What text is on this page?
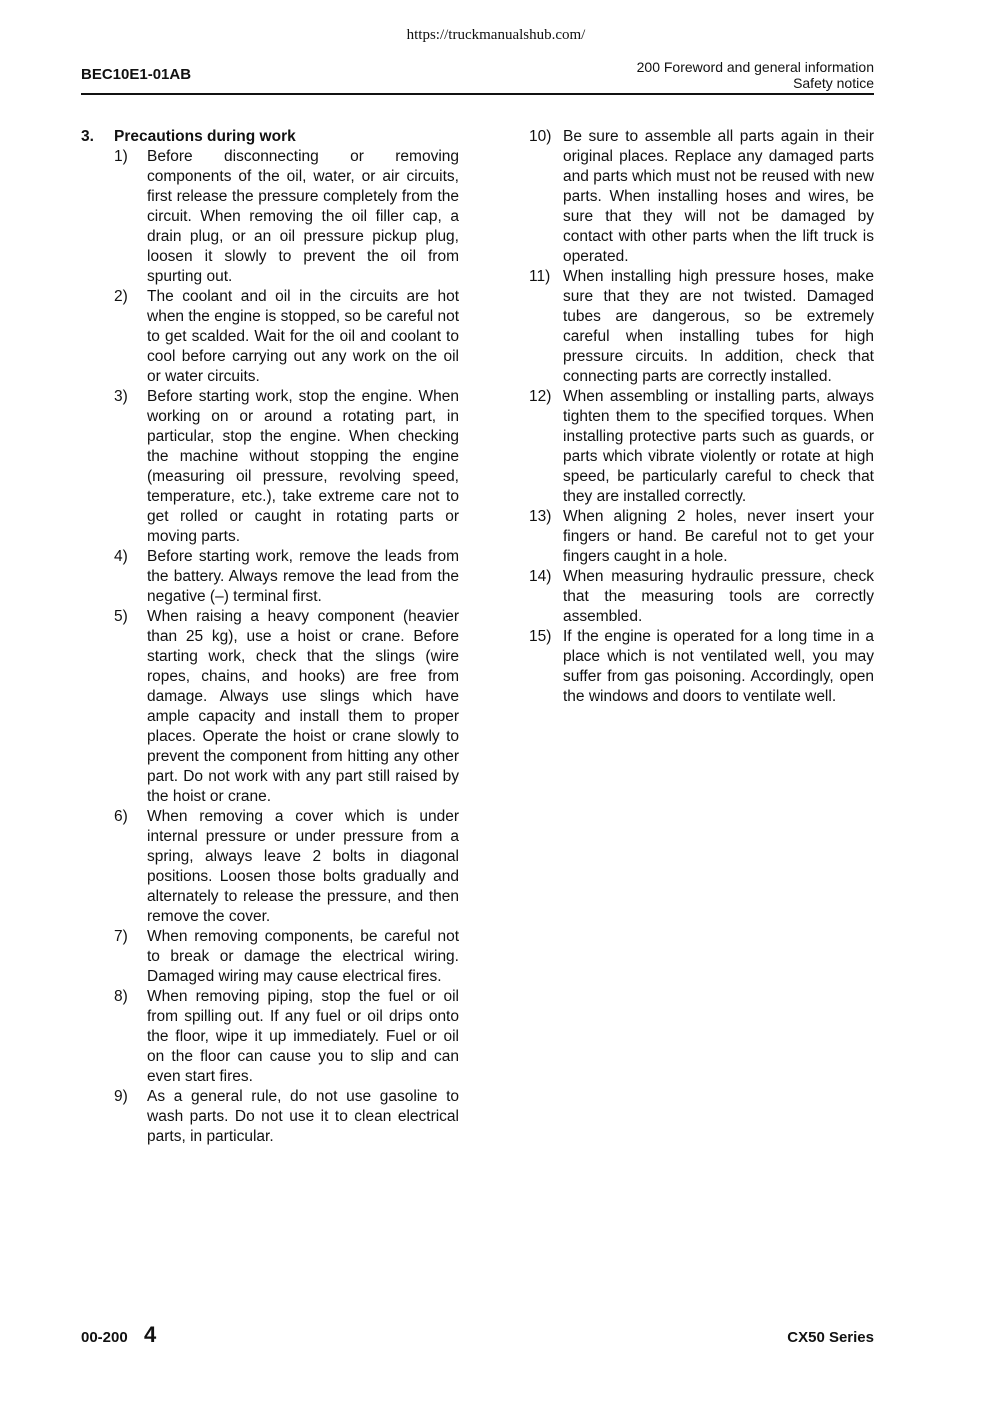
https://truckmanualshub.com/
BEC10E1-01AB	200 Foreword and general information
Safety notice
3. Precautions during work
1) Before disconnecting or removing components of the oil, water, or air circuits, first release the pressure completely from the circuit. When removing the oil filler cap, a drain plug, or an oil pressure pickup plug, loosen it slowly to prevent the oil from spurting out.
2) The coolant and oil in the circuits are hot when the engine is stopped, so be careful not to get scalded. Wait for the oil and coolant to cool before carrying out any work on the oil or water circuits.
3) Before starting work, stop the engine. When working on or around a rotating part, in particular, stop the engine. When checking the machine without stopping the engine (measuring oil pressure, revolving speed, temperature, etc.), take extreme care not to get rolled or caught in rotating parts or moving parts.
4) Before starting work, remove the leads from the battery. Always remove the lead from the negative (–) terminal first.
5) When raising a heavy component (heavier than 25 kg), use a hoist or crane. Before starting work, check that the slings (wire ropes, chains, and hooks) are free from damage. Always use slings which have ample capacity and install them to proper places. Operate the hoist or crane slowly to prevent the component from hitting any other part. Do not work with any part still raised by the hoist or crane.
6) When removing a cover which is under internal pressure or under pressure from a spring, always leave 2 bolts in diagonal positions. Loosen those bolts gradually and alternately to release the pressure, and then remove the cover.
7) When removing components, be careful not to break or damage the electrical wiring. Damaged wiring may cause electrical fires.
8) When removing piping, stop the fuel or oil from spilling out. If any fuel or oil drips onto the floor, wipe it up immediately. Fuel or oil on the floor can cause you to slip and can even start fires.
9) As a general rule, do not use gasoline to wash parts. Do not use it to clean electrical parts, in particular.
10) Be sure to assemble all parts again in their original places. Replace any damaged parts and parts which must not be reused with new parts. When installing hoses and wires, be sure that they will not be damaged by contact with other parts when the lift truck is operated.
11) When installing high pressure hoses, make sure that they are not twisted. Damaged tubes are dangerous, so be extremely careful when installing tubes for high pressure circuits. In addition, check that connecting parts are correctly installed.
12) When assembling or installing parts, always tighten them to the specified torques. When installing protective parts such as guards, or parts which vibrate violently or rotate at high speed, be particularly careful to check that they are installed correctly.
13) When aligning 2 holes, never insert your fingers or hand. Be careful not to get your fingers caught in a hole.
14) When measuring hydraulic pressure, check that the measuring tools are correctly assembled.
15) If the engine is operated for a long time in a place which is not ventilated well, you may suffer from gas poisoning. Accordingly, open the windows and doors to ventilate well.
00-200 4	CX50 Series
